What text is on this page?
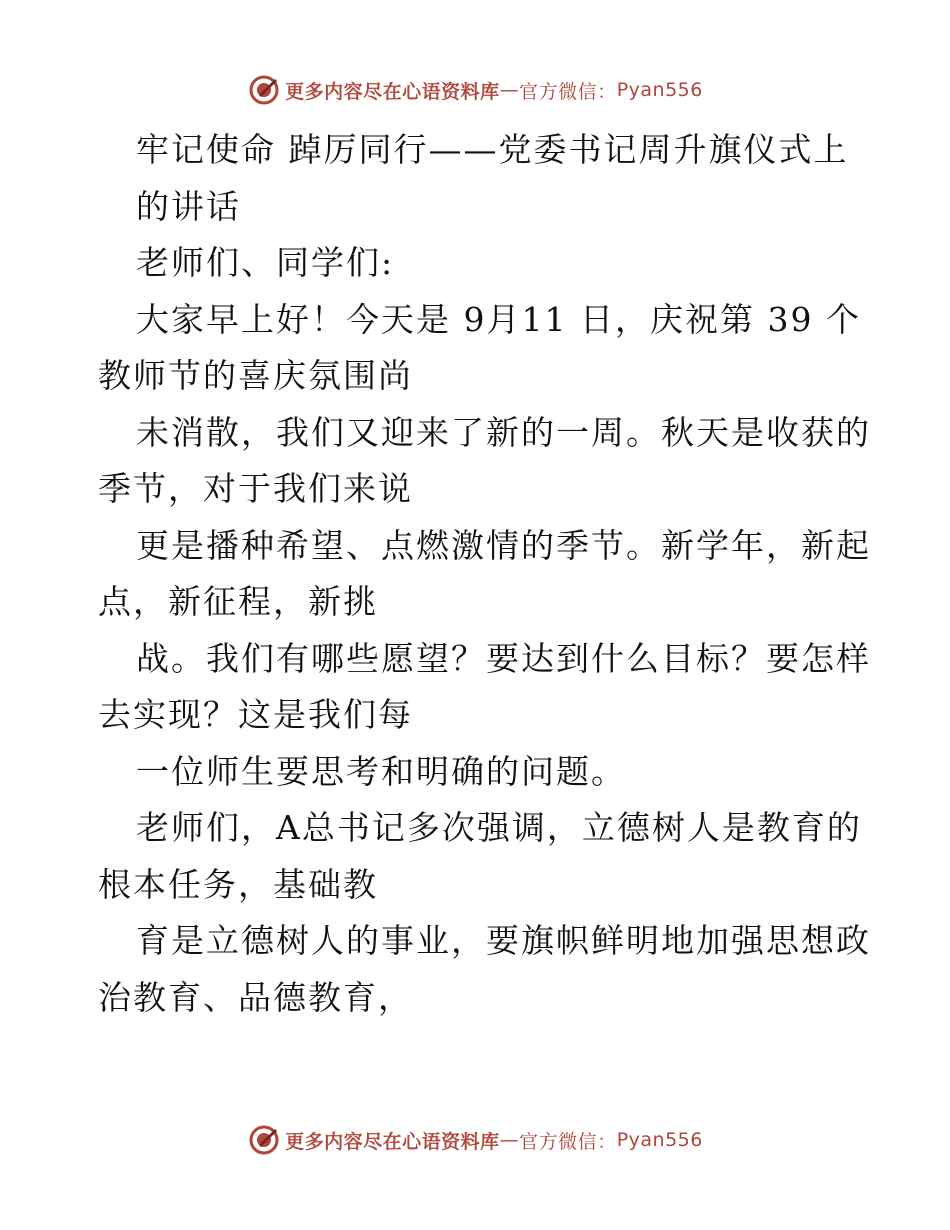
更多内容尽在心语资料库 — 官方微信： Pyan556
牢记使命 踔厉同行——党委书记周升旗仪式上
的讲话
老师们、同学们:
大家早上好！今天是 9月11 日，庆祝第 39 个
教师节的喜庆氛围尚
未消散，我们又迎来了新的一周。秋天是收获的
季节，对于我们来说
更是播种希望、点燃激情的季节。新学年，新起
点，新征程，新挑
战。我们有哪些愿望？要达到什么目标？要怎样
去实现？这是我们每
一位师生要思考和明确的问题。
老师们，A总书记多次强调，立德树人是教育的
根本任务，基础教
育是立德树人的事业，要旗帜鲜明地加强思想政
治教育、品德教育，
更多内容尽在心语资料库 — 官方微信： Pyan556
